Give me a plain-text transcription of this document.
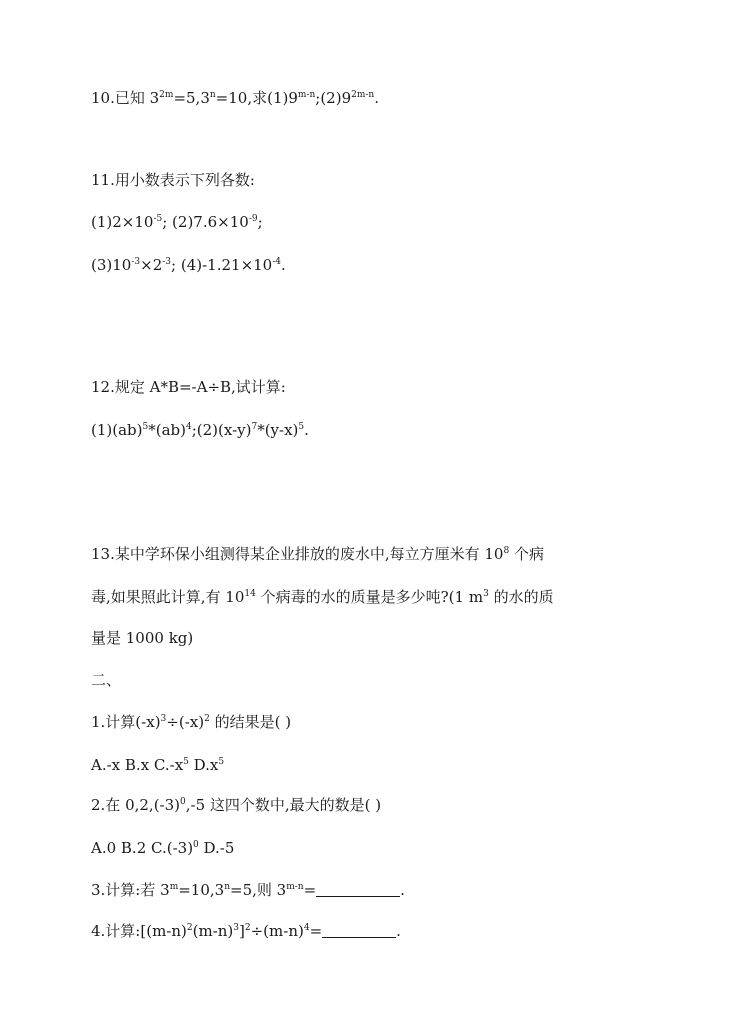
10.已知 $3^{2m}=5,3^n=10$,求$(1)9^{m-n};(2)9^{2m-n}$.
11.用小数表示下列各数:
$(1)2\times 10^{-5}$; $(2)7.6\times 10^{-9}$;
$(3)10^{-3}\times 2^{-3}$; $(4)-1.21\times 10^{-4}$.
12.规定 A*B=-A÷B,试计算:
$(1)(ab)^5*(ab)^4;(2)(x-y)^7*(y-x)^5$.
13.某中学环保小组测得某企业排放的废水中,每立方厘米有 $10^8$ 个病
毒,如果照此计算,有 $10^{14}$ 个病毒的水的质量是多少吨?(1 $m^3$ 的水的质
量是 1000 kg)
二、
1.计算$(-x)^3\div(-x)^2$ 的结果是( )
A.-x B.x $C.-x^5$ $D.x^5$
2.在 $0,2,(-3)^0,-5$ 这四个数中,最大的数是( )
A.0 B.2 $C.(-3)^0$ D.-5
3.计算:若 $3^m=10,3^n=5$,则 $3^{m-n}=$	.
4.计算$:[(m-n)^2(m-n)^3]^2\div(m-n)^4=$	.
